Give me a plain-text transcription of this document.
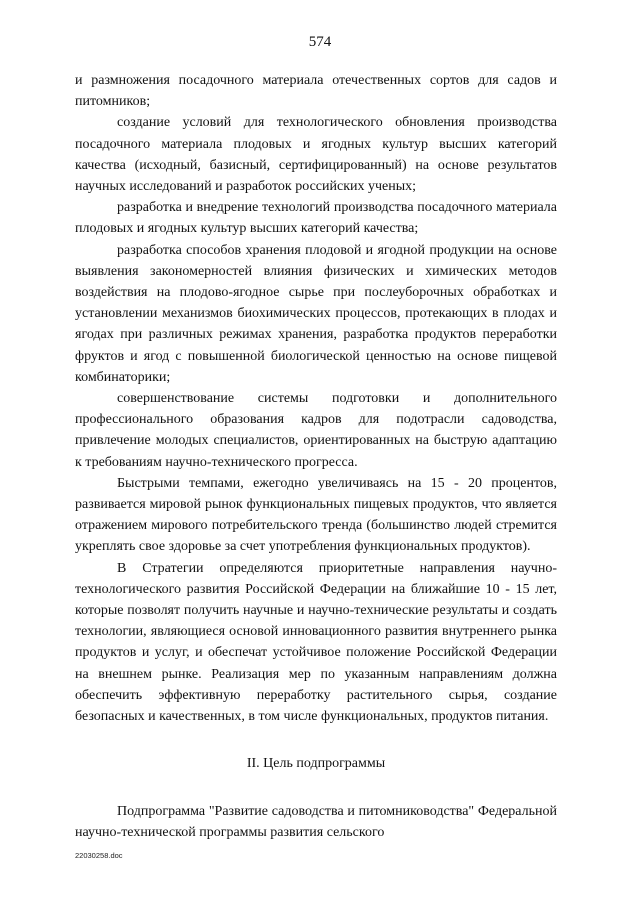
574

и размножения посадочного материала отечественных сортов для садов и питомников;

создание условий для технологического обновления производства посадочного материала плодовых и ягодных культур высших категорий качества (исходный, базисный, сертифицированный) на основе результатов научных исследований и разработок российских ученых;

разработка и внедрение технологий производства посадочного материала плодовых и ягодных культур высших категорий качества;

разработка способов хранения плодовой и ягодной продукции на основе выявления закономерностей влияния физических и химических методов воздействия на плодово-ягодное сырье при послеуборочных обработках и установлении механизмов биохимических процессов, протекающих в плодах и ягодах при различных режимах хранения, разработка продуктов переработки фруктов и ягод с повышенной биологической ценностью на основе пищевой комбинаторики;

совершенствование системы подготовки и дополнительного профессионального образования кадров для подотрасли садоводства, привлечение молодых специалистов, ориентированных на быструю адаптацию к требованиям научно-технического прогресса.

Быстрыми темпами, ежегодно увеличиваясь на 15 - 20 процентов, развивается мировой рынок функциональных пищевых продуктов, что является отражением мирового потребительского тренда (большинство людей стремится укреплять свое здоровье за счет употребления функциональных продуктов).

В Стратегии определяются приоритетные направления научно-технологического развития Российской Федерации на ближайшие 10 - 15 лет, которые позволят получить научные и научно-технические результаты и создать технологии, являющиеся основой инновационного развития внутреннего рынка продуктов и услуг, и обеспечат устойчивое положение Российской Федерации на внешнем рынке. Реализация мер по указанным направлениям должна обеспечить эффективную переработку растительного сырья, создание безопасных и качественных, в том числе функциональных, продуктов питания.

II. Цель подпрограммы

Подпрограмма "Развитие садоводства и питомниководства" Федеральной научно-технической программы развития сельского

22030258.doc
